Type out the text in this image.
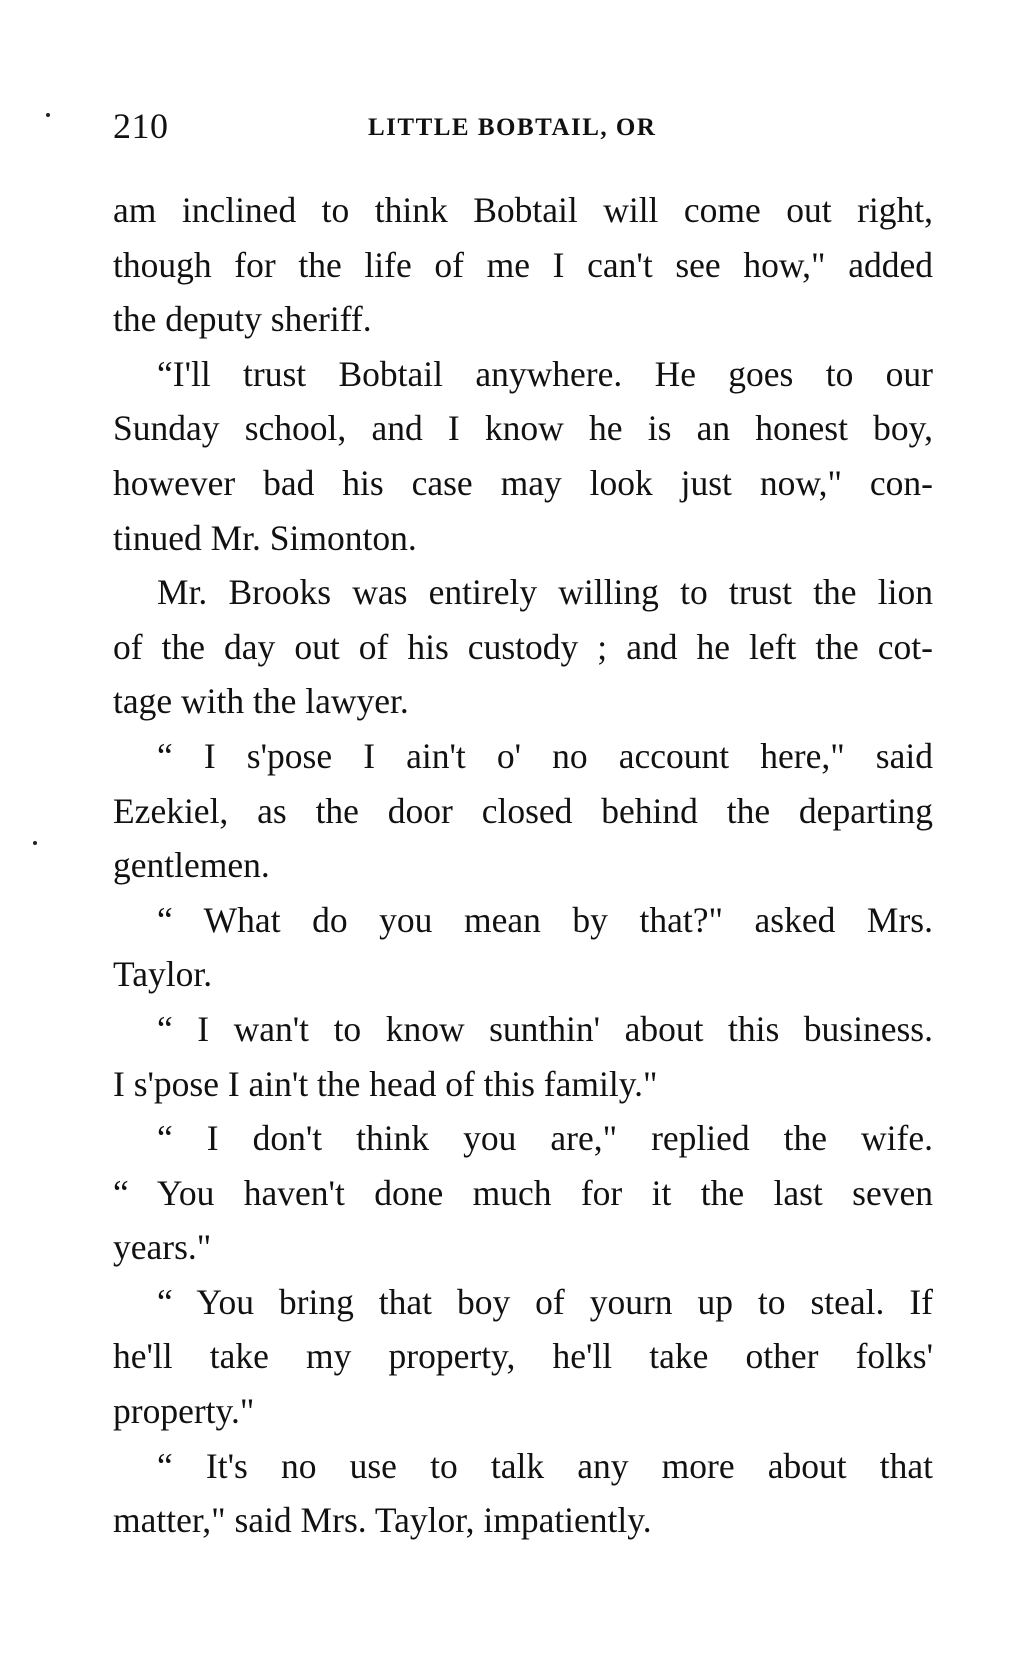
210	LITTLE BOBTAIL, OR
am inclined to think Bobtail will come out right,
though for the life of me I can't see how," added
the deputy sheriff.
“I'll trust Bobtail anywhere. He goes to our
Sunday school, and I know he is an honest boy,
however bad his case may look just now," con-
tinued Mr. Simonton.
Mr. Brooks was entirely willing to trust the lion
of the day out of his custody ; and he left the cot-
tage with the lawyer.
“ I s'pose I ain't o' no account here," said
Ezekiel, as the door closed behind the departing
gentlemen.
“ What do you mean by that?" asked Mrs.
Taylor.
“ I wan't to know sunthin' about this business.
I s'pose I ain't the head of this family."
“ I don't think you are," replied the wife.
“ You haven't done much for it the last seven
years."
“ You bring that boy of yourn up to steal. If
he'll take my property, he'll take other folks'
property."
“ It's no use to talk any more about that
matter," said Mrs. Taylor, impatiently.
